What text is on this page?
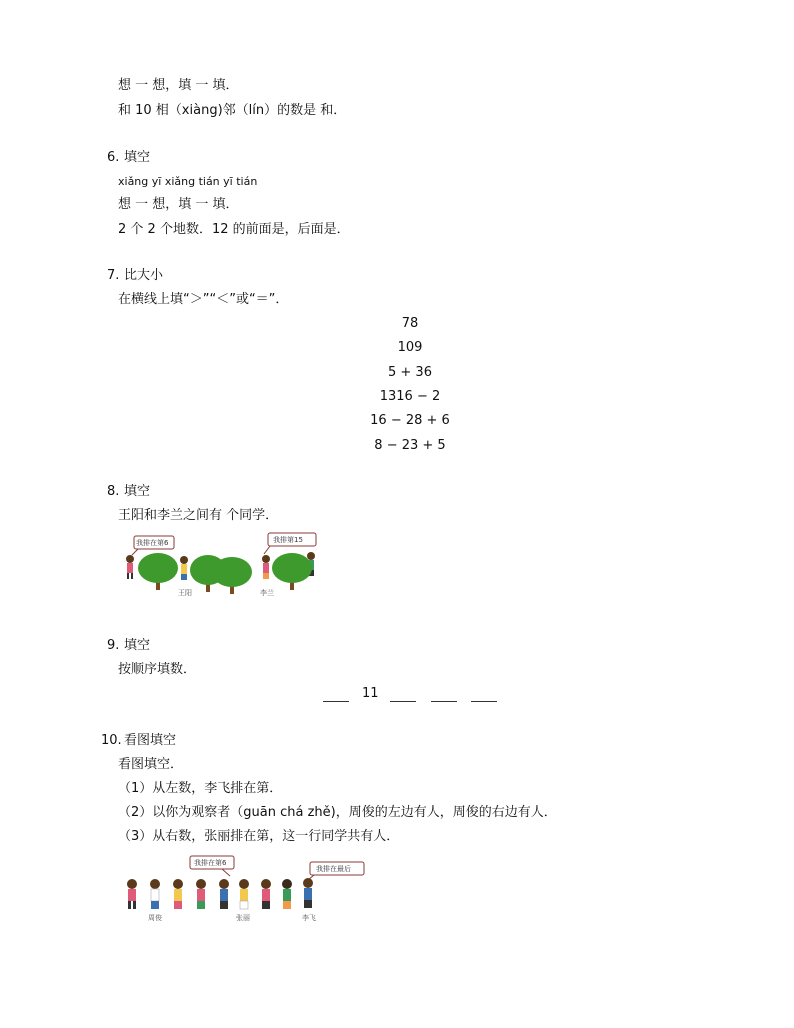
想 一 想，填 一 填．
和 10 相（xiàng)邻（lín）的数是 和．
6. 填空
xiǎng yī xiǎng tián yī tián
想 一 想，填 一 填．
2 个 2 个地数．12 的前面是，后面是．
7. 比大小
在横线上填“＞”“＜”或“＝”．
78
109
5 + 36
1316 − 2
16 − 28 + 6
8 − 23 + 5
8. 填空
王阳和李兰之间有 个同学．
我排在第6	我排第15
王阳	李兰
9. 填空
按顺序填数．
11
10. 看图填空
看图填空．
（1）从左数，李飞排在第．
（2）以你为观察者（guān chá zhě)，周俊的左边有人，周俊的右边有人．
（3）从右数，张丽排在第，这一行同学共有人．
我排在第6
我排在最后
周俊	张丽	李飞
